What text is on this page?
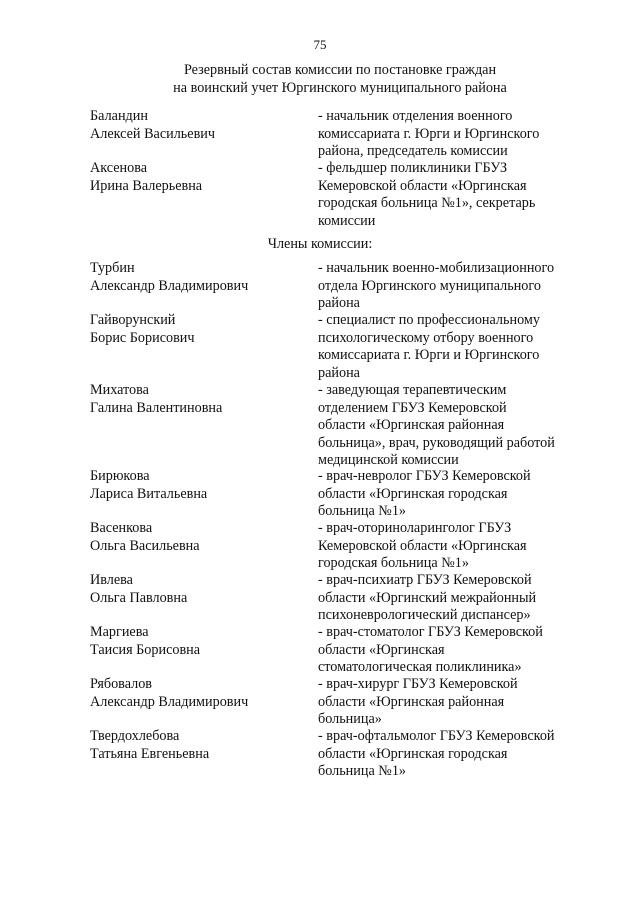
75
Резервный состав комиссии по постановке граждан
на воинский учет Юргинского муниципального района
Баландин
Алексей Васильевич
- начальник отделения военного
комиссариата г. Юрги и Юргинского
района, председатель комиссии
Аксенова
Ирина Валерьевна
- фельдшер поликлиники ГБУЗ
Кемеровской области «Юргинская
городская больница №1», секретарь
комиссии
Члены комиссии:
Турбин
Александр Владимирович
- начальник военно-мобилизационного
отдела Юргинского муниципального
района
Гайворунский
Борис Борисович
- специалист по профессиональному
психологическому отбору военного
комиссариата г. Юрги и Юргинского
района
Михатова
Галина Валентиновна
- заведующая терапевтическим
отделением ГБУЗ Кемеровской
области «Юргинская районная
больница», врач, руководящий работой
медицинской комиссии
Бирюкова
Лариса Витальевна
- врач-невролог ГБУЗ Кемеровской
области «Юргинская городская
больница №1»
Васенкова
Ольга Васильевна
- врач-оториноларинголог ГБУЗ
Кемеровской области «Юргинская
городская больница №1»
Ивлева
Ольга Павловна
- врач-психиатр ГБУЗ Кемеровской
области «Юргинский межрайонный
психоневрологический диспансер»
Маргиева
Таисия Борисовна
- врач-стоматолог ГБУЗ Кемеровской
области «Юргинская
стоматологическая поликлиника»
Рябовалов
Александр Владимирович
- врач-хирург ГБУЗ Кемеровской
области «Юргинская районная
больница»
Твердохлебова
Татьяна Евгеньевна
- врач-офтальмолог ГБУЗ Кемеровской
области «Юргинская городская
больница №1»
